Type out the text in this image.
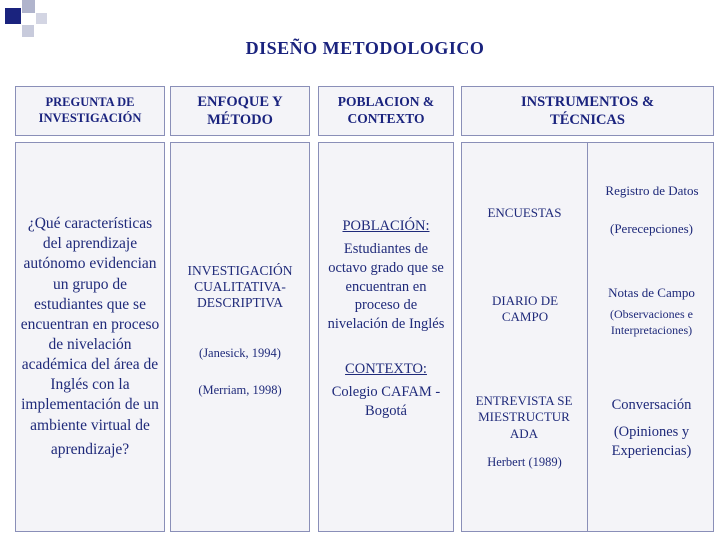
DISEÑO METODOLOGICO
PREGUNTA DE INVESTIGACIÓN
¿Qué características del aprendizaje autónomo evidencian un grupo de estudiantes que se encuentran en proceso de nivelación académica del área de Inglés con la implementación de un ambiente virtual de
aprendizaje?
ENFOQUE Y MÉTODO
INVESTIGACIÓN CUALITATIVA-DESCRIPTIVA
(Janesick, 1994)
(Merriam, 1998)
POBLACION & CONTEXTO
POBLACIÓN:
Estudiantes de octavo grado que se encuentran en proceso de nivelación de Inglés
CONTEXTO:
Colegio CAFAM - Bogotá
INSTRUMENTOS & TÉCNICAS
ENCUESTAS
DIARIO DE CAMPO
ENTREVISTA SEMIESTRUCTURADA
Herbert (1989)
Registro de Datos
(Perecepciones)
Notas de Campo
(Observaciones e Interpretaciones)
Conversación
(Opiniones y Experiencias)
